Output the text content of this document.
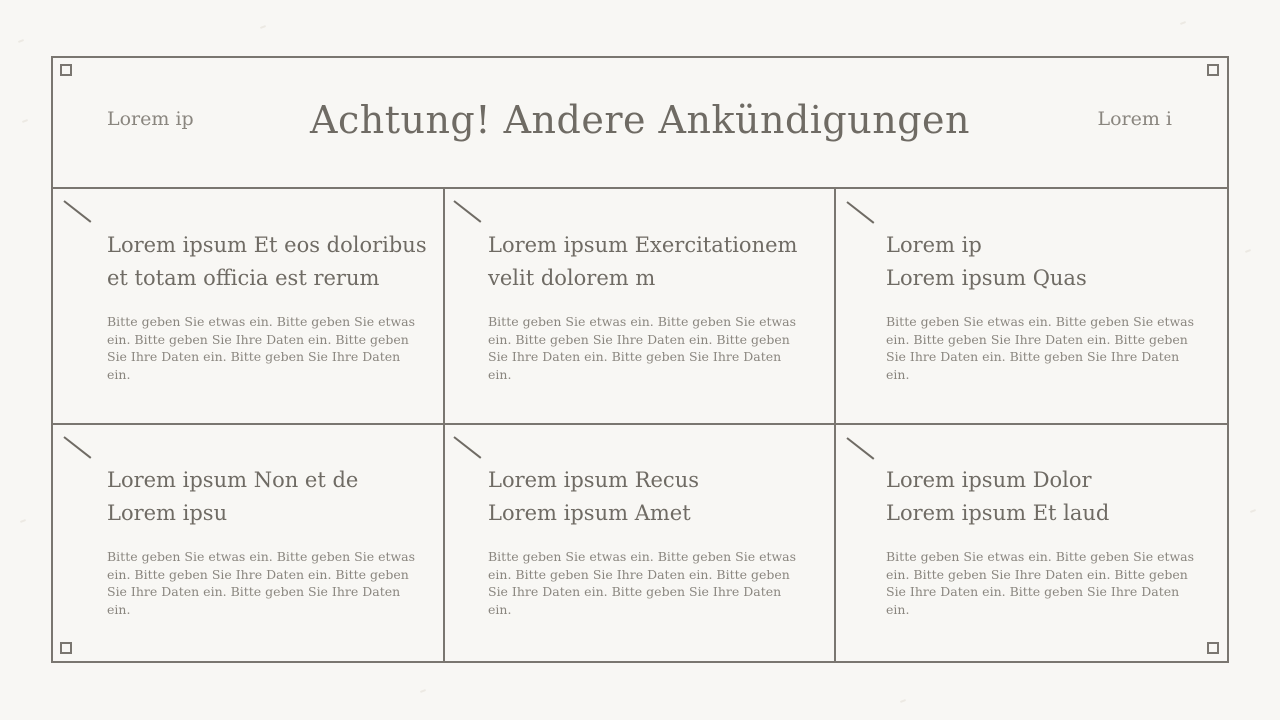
Lorem ip	Achtung! Andere Ankündigungen	Lorem i
Lorem ipsum Et eos doloribus
et totam officia est rerum
Bitte geben Sie etwas ein. Bitte geben Sie etwas ein. Bitte geben Sie Ihre Daten ein. Bitte geben Sie Ihre Daten ein. Bitte geben Sie Ihre Daten ein.
Lorem ipsum Exercitationem
velit dolorem m
Bitte geben Sie etwas ein. Bitte geben Sie etwas ein. Bitte geben Sie Ihre Daten ein. Bitte geben Sie Ihre Daten ein. Bitte geben Sie Ihre Daten ein.
Lorem ip
Lorem ipsum Quas
Bitte geben Sie etwas ein. Bitte geben Sie etwas ein. Bitte geben Sie Ihre Daten ein. Bitte geben Sie Ihre Daten ein. Bitte geben Sie Ihre Daten ein.
Lorem ipsum Non et de
Lorem ipsu
Bitte geben Sie etwas ein. Bitte geben Sie etwas ein. Bitte geben Sie Ihre Daten ein. Bitte geben Sie Ihre Daten ein. Bitte geben Sie Ihre Daten ein.
Lorem ipsum Recus
Lorem ipsum Amet
Bitte geben Sie etwas ein. Bitte geben Sie etwas ein. Bitte geben Sie Ihre Daten ein. Bitte geben Sie Ihre Daten ein. Bitte geben Sie Ihre Daten ein.
Lorem ipsum Dolor
Lorem ipsum Et laud
Bitte geben Sie etwas ein. Bitte geben Sie etwas ein. Bitte geben Sie Ihre Daten ein. Bitte geben Sie Ihre Daten ein. Bitte geben Sie Ihre Daten ein.
